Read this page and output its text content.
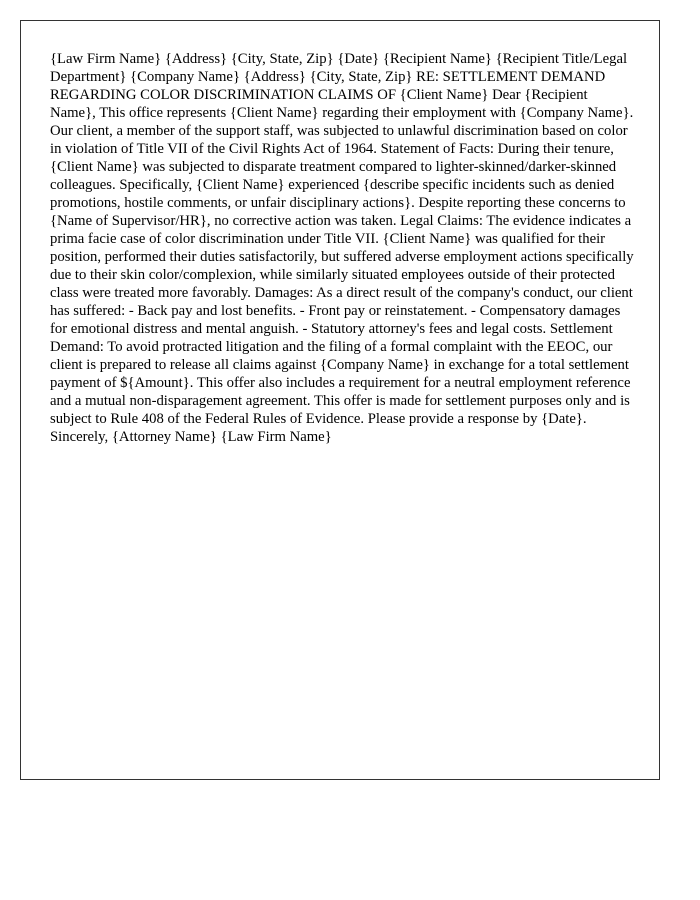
{Law Firm Name} {Address} {City, State, Zip} {Date} {Recipient Name} {Recipient Title/Legal Department} {Company Name} {Address} {City, State, Zip} RE: SETTLEMENT DEMAND REGARDING COLOR DISCRIMINATION CLAIMS OF {Client Name} Dear {Recipient Name}, This office represents {Client Name} regarding their employment with {Company Name}. Our client, a member of the support staff, was subjected to unlawful discrimination based on color in violation of Title VII of the Civil Rights Act of 1964. Statement of Facts: During their tenure, {Client Name} was subjected to disparate treatment compared to lighter-skinned/darker-skinned colleagues. Specifically, {Client Name} experienced {describe specific incidents such as denied promotions, hostile comments, or unfair disciplinary actions}. Despite reporting these concerns to {Name of Supervisor/HR}, no corrective action was taken. Legal Claims: The evidence indicates a prima facie case of color discrimination under Title VII. {Client Name} was qualified for their position, performed their duties satisfactorily, but suffered adverse employment actions specifically due to their skin color/complexion, while similarly situated employees outside of their protected class were treated more favorably. Damages: As a direct result of the company's conduct, our client has suffered: - Back pay and lost benefits. - Front pay or reinstatement. - Compensatory damages for emotional distress and mental anguish. - Statutory attorney's fees and legal costs. Settlement Demand: To avoid protracted litigation and the filing of a formal complaint with the EEOC, our client is prepared to release all claims against {Company Name} in exchange for a total settlement payment of ${Amount}. This offer also includes a requirement for a neutral employment reference and a mutual non-disparagement agreement. This offer is made for settlement purposes only and is subject to Rule 408 of the Federal Rules of Evidence. Please provide a response by {Date}. Sincerely, {Attorney Name} {Law Firm Name}
